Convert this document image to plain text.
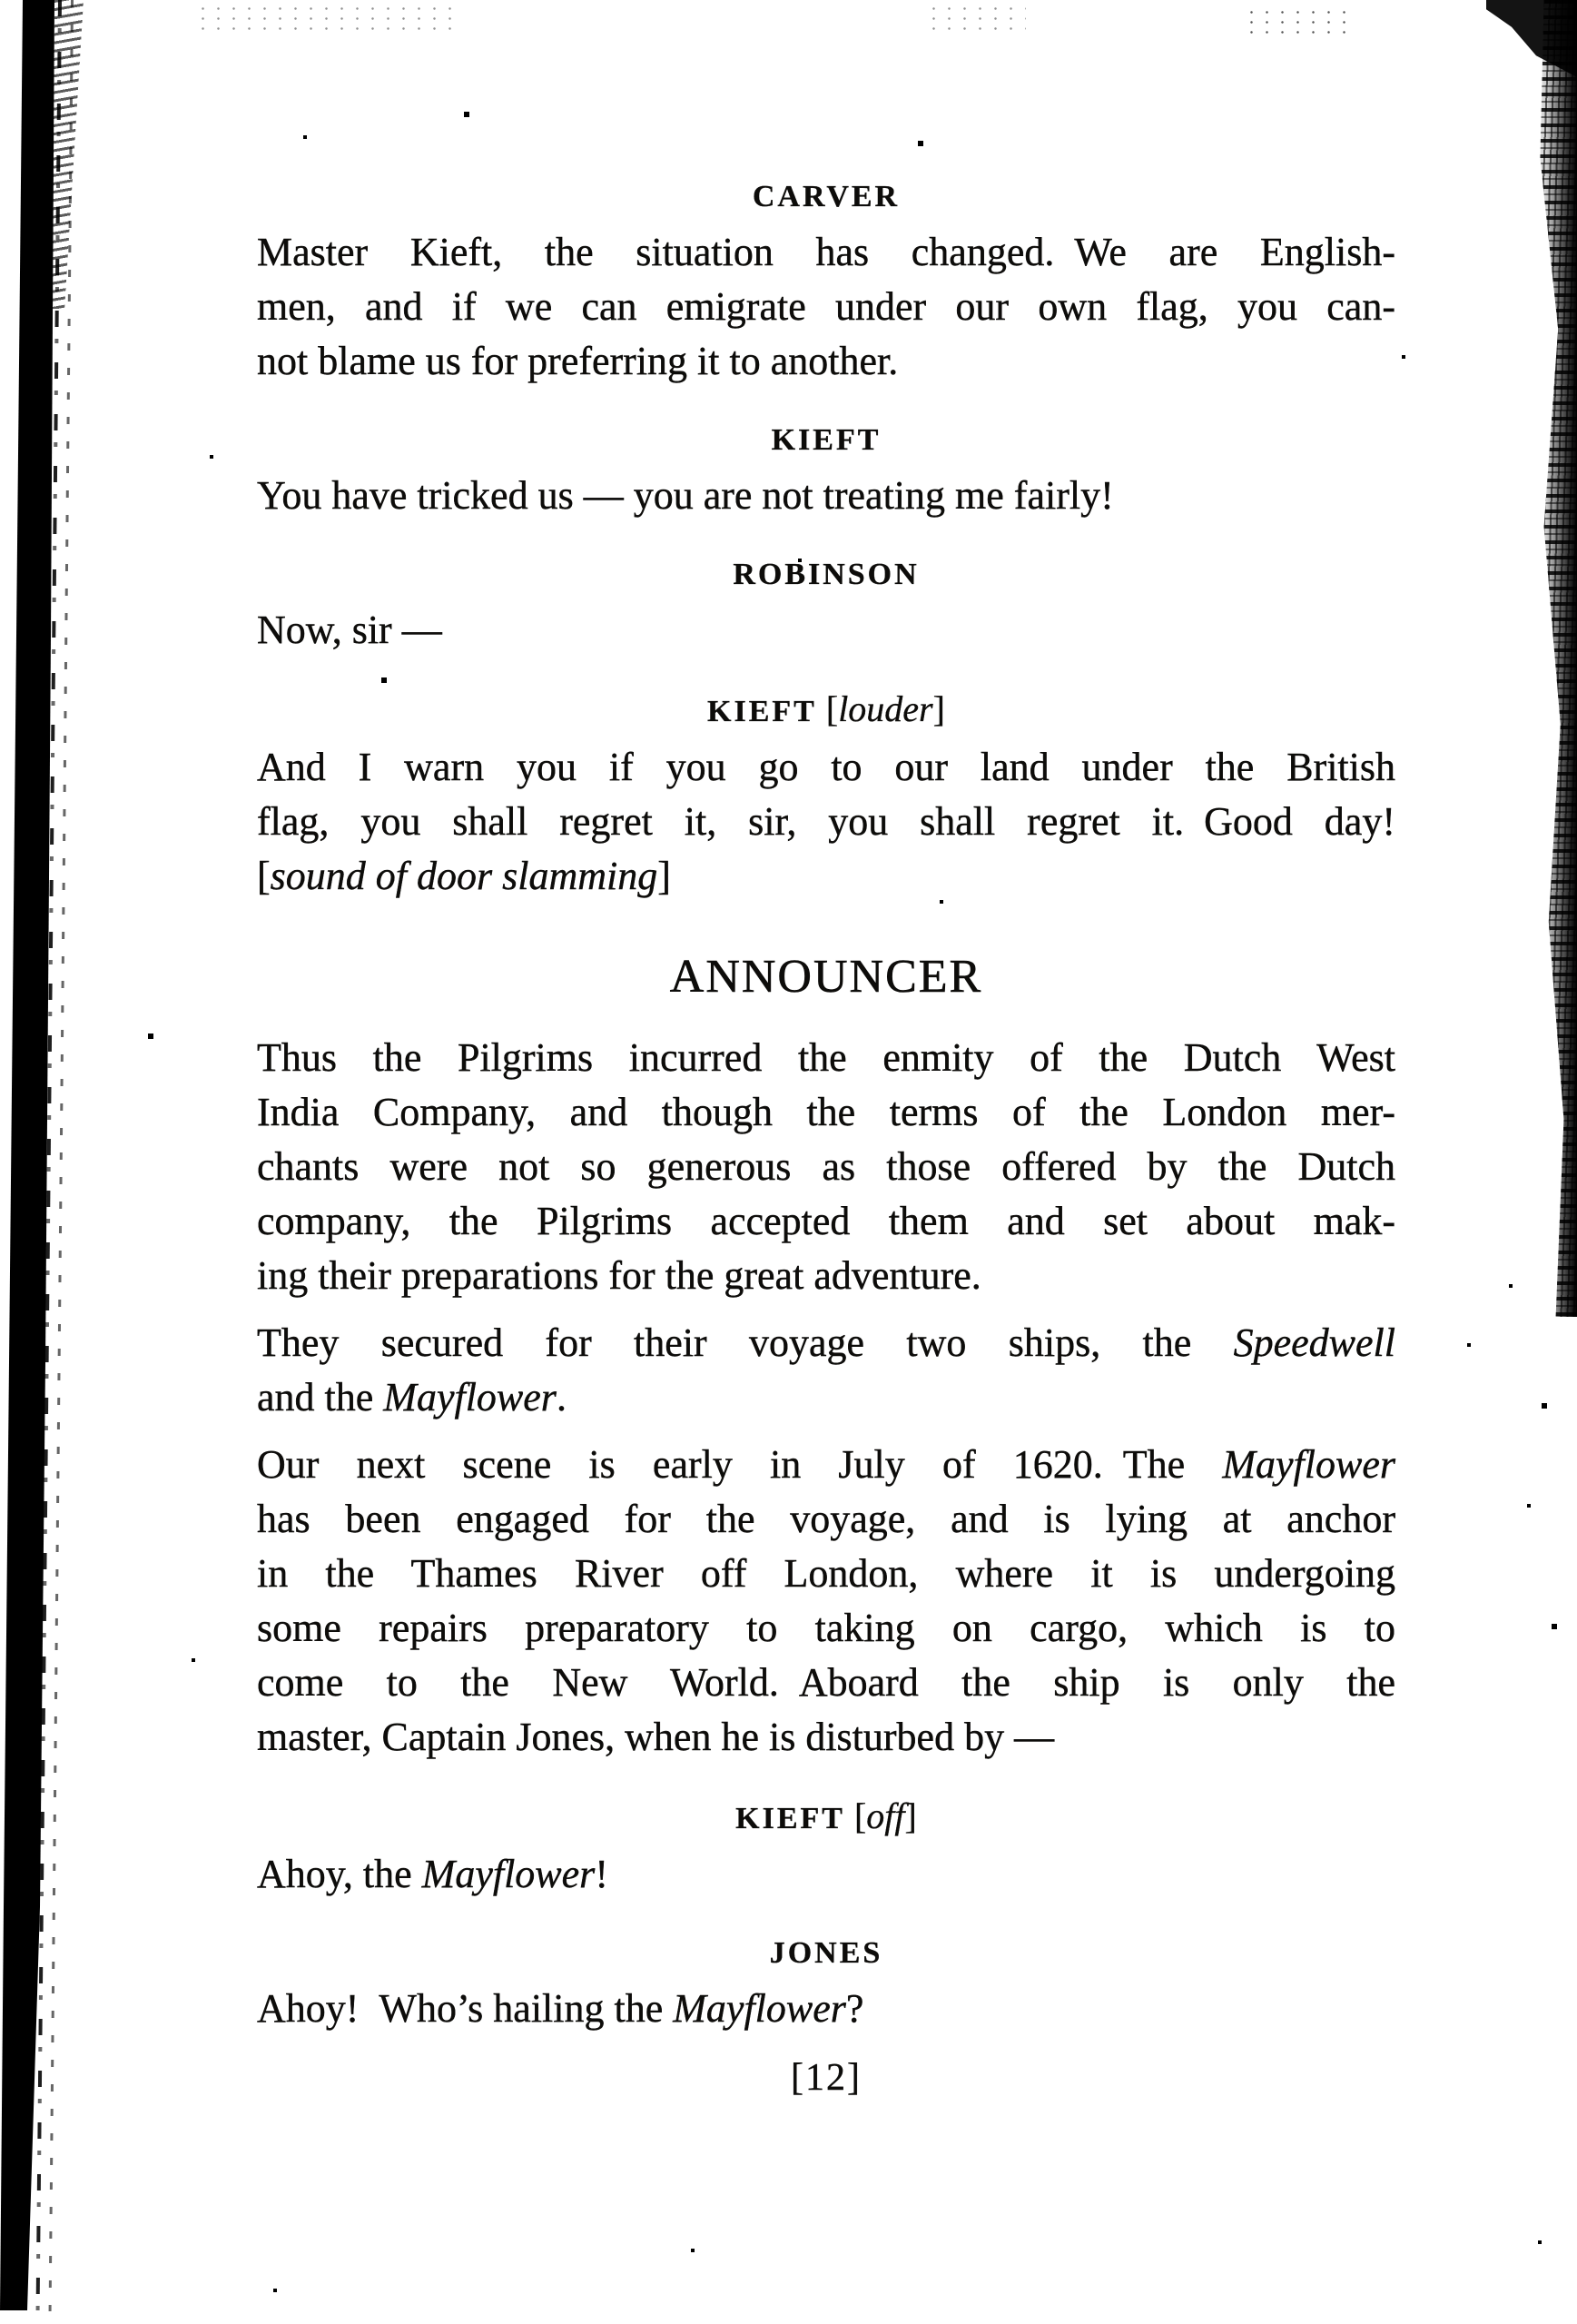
CARVER
Master Kieft, the situation has changed. We are English-
men, and if we can emigrate under our own flag, you can-
not blame us for preferring it to another.
KIEFT
You have tricked us — you are not treating me fairly!
ROBINSON
Now, sir —
KIEFT [louder]
And I warn you if you go to our land under the British
flag, you shall regret it, sir, you shall regret it. Good day!
[sound of door slamming]
ANNOUNCER
Thus the Pilgrims incurred the enmity of the Dutch West
India Company, and though the terms of the London mer-
chants were not so generous as those offered by the Dutch
company, the Pilgrims accepted them and set about mak-
ing their preparations for the great adventure.
They secured for their voyage two ships, the Speedwell
and the Mayflower.
Our next scene is early in July of 1620. The Mayflower
has been engaged for the voyage, and is lying at anchor
in the Thames River off London, where it is undergoing
some repairs preparatory to taking on cargo, which is to
come to the New World. Aboard the ship is only the
master, Captain Jones, when he is disturbed by —
KIEFT [off]
Ahoy, the Mayflower!
JONES
Ahoy! Who’s hailing the Mayflower?
[12]
